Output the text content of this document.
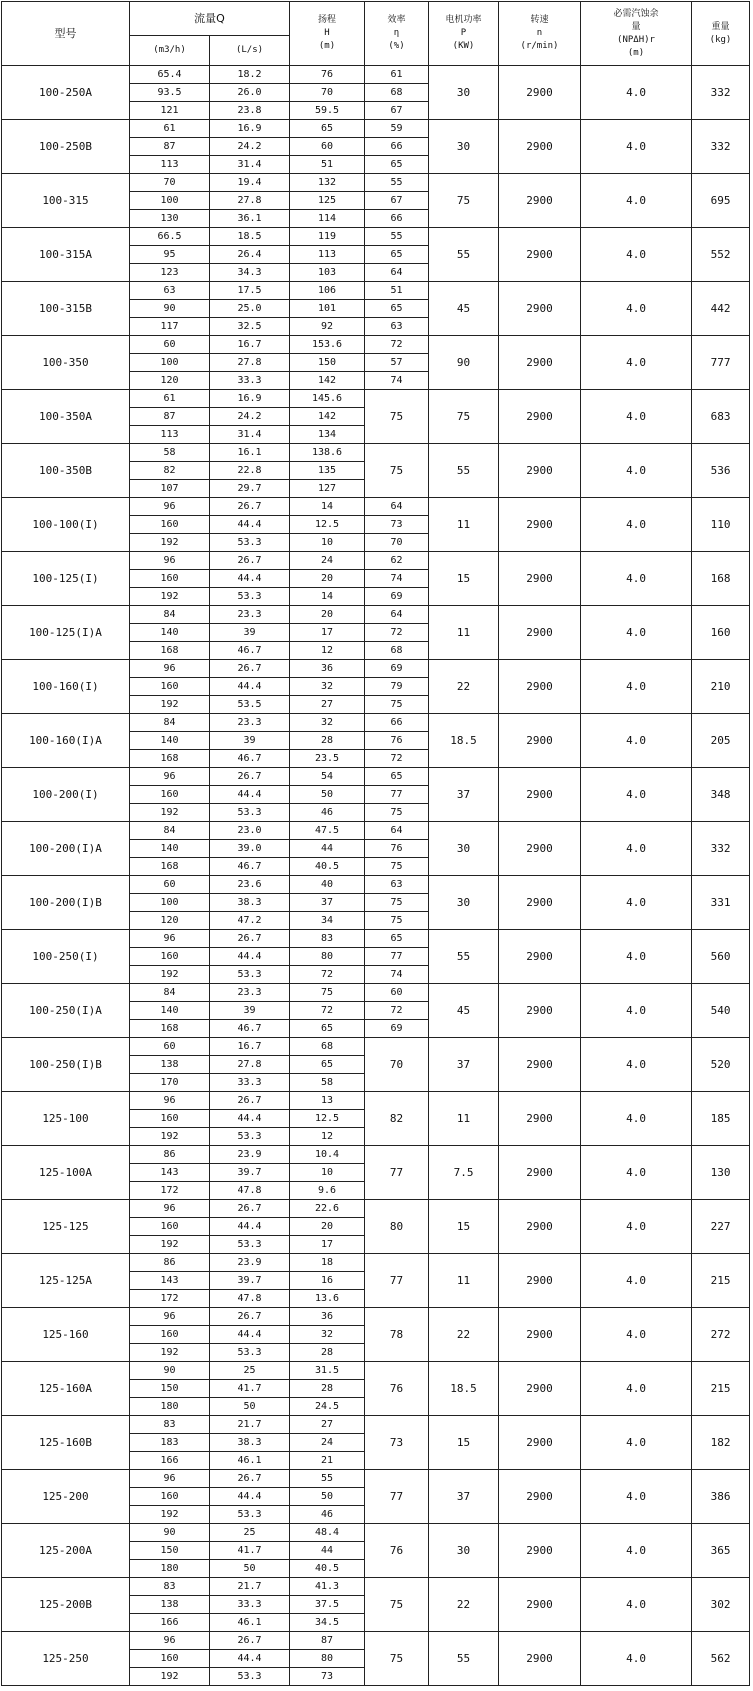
型号	流量Q		扬程
H
(m)	效率
η
(%)	电机功率
P
(KW)	转速
n
(r/min)	必需汽蚀余
量
(NPΔH)r
(m)	重量
(kg)

	(m3/h)	(L/s)						
100-250A	65.4	18.2	76	61	30	2900	4.0	332
	93.5	26.0	70	68				
	121	23.8	59.5	67				
100-250B	61	16.9	65	59	30	2900	4.0	332
	87	24.2	60	66				
	113	31.4	51	65				
100-315	70	19.4	132	55	75	2900	4.0	695
	100	27.8	125	67				
	130	36.1	114	66				
100-315A	66.5	18.5	119	55	55	2900	4.0	552
	95	26.4	113	65				
	123	34.3	103	64				
100-315B	63	17.5	106	51	45	2900	4.0	442
	90	25.0	101	65				
	117	32.5	92	63				
100-350	60	16.7	153.6	72	90	2900	4.0	777
	100	27.8	150	57				
	120	33.3	142	74				
100-350A	61	16.9	145.6	75	75	2900	4.0	683
	87	24.2	142					
	113	31.4	134					
100-350B	58	16.1	138.6	75	55	2900	4.0	536
	82	22.8	135					
	107	29.7	127					
100-100(I)	96	26.7	14	64	11	2900	4.0	110
	160	44.4	12.5	73				
	192	53.3	10	70				
100-125(I)	96	26.7	24	62	15	2900	4.0	168
	160	44.4	20	74				
	192	53.3	14	69				
100-125(I)A	84	23.3	20	64	11	2900	4.0	160
	140	39	17	72				
	168	46.7	12	68				
100-160(I)	96	26.7	36	69	22	2900	4.0	210
	160	44.4	32	79				
	192	53.5	27	75				
100-160(I)A	84	23.3	32	66	18.5	2900	4.0	205
	140	39	28	76				
	168	46.7	23.5	72				
100-200(I)	96	26.7	54	65	37	2900	4.0	348
	160	44.4	50	77				
	192	53.3	46	75				
100-200(I)A	84	23.0	47.5	64	30	2900	4.0	332
	140	39.0	44	76				
	168	46.7	40.5	75				
100-200(I)B	60	23.6	40	63	30	2900	4.0	331
	100	38.3	37	75				
	120	47.2	34	75				
100-250(I)	96	26.7	83	65	55	2900	4.0	560
	160	44.4	80	77				
	192	53.3	72	74				
100-250(I)A	84	23.3	75	60	45	2900	4.0	540
	140	39	72	72				
	168	46.7	65	69				
100-250(I)B	60	16.7	68	70	37	2900	4.0	520
	138	27.8	65					
	170	33.3	58					
125-100	96	26.7	13	82	11	2900	4.0	185
	160	44.4	12.5					
	192	53.3	12					
125-100A	86	23.9	10.4	77	7.5	2900	4.0	130
	143	39.7	10					
	172	47.8	9.6					
125-125	96	26.7	22.6	80	15	2900	4.0	227
	160	44.4	20					
	192	53.3	17					
125-125A	86	23.9	18	77	11	2900	4.0	215
	143	39.7	16					
	172	47.8	13.6					
125-160	96	26.7	36	78	22	2900	4.0	272
	160	44.4	32					
	192	53.3	28					
125-160A	90	25	31.5	76	18.5	2900	4.0	215
	150	41.7	28					
	180	50	24.5					
125-160B	83	21.7	27	73	15	2900	4.0	182
	183	38.3	24					
	166	46.1	21					
125-200	96	26.7	55	77	37	2900	4.0	386
	160	44.4	50					
	192	53.3	46					
125-200A	90	25	48.4	76	30	2900	4.0	365
	150	41.7	44					
	180	50	40.5					
125-200B	83	21.7	41.3	75	22	2900	4.0	302
	138	33.3	37.5					
	166	46.1	34.5					
125-250	96	26.7	87	75	55	2900	4.0	562
	160	44.4	80					
	192	53.3	73					
